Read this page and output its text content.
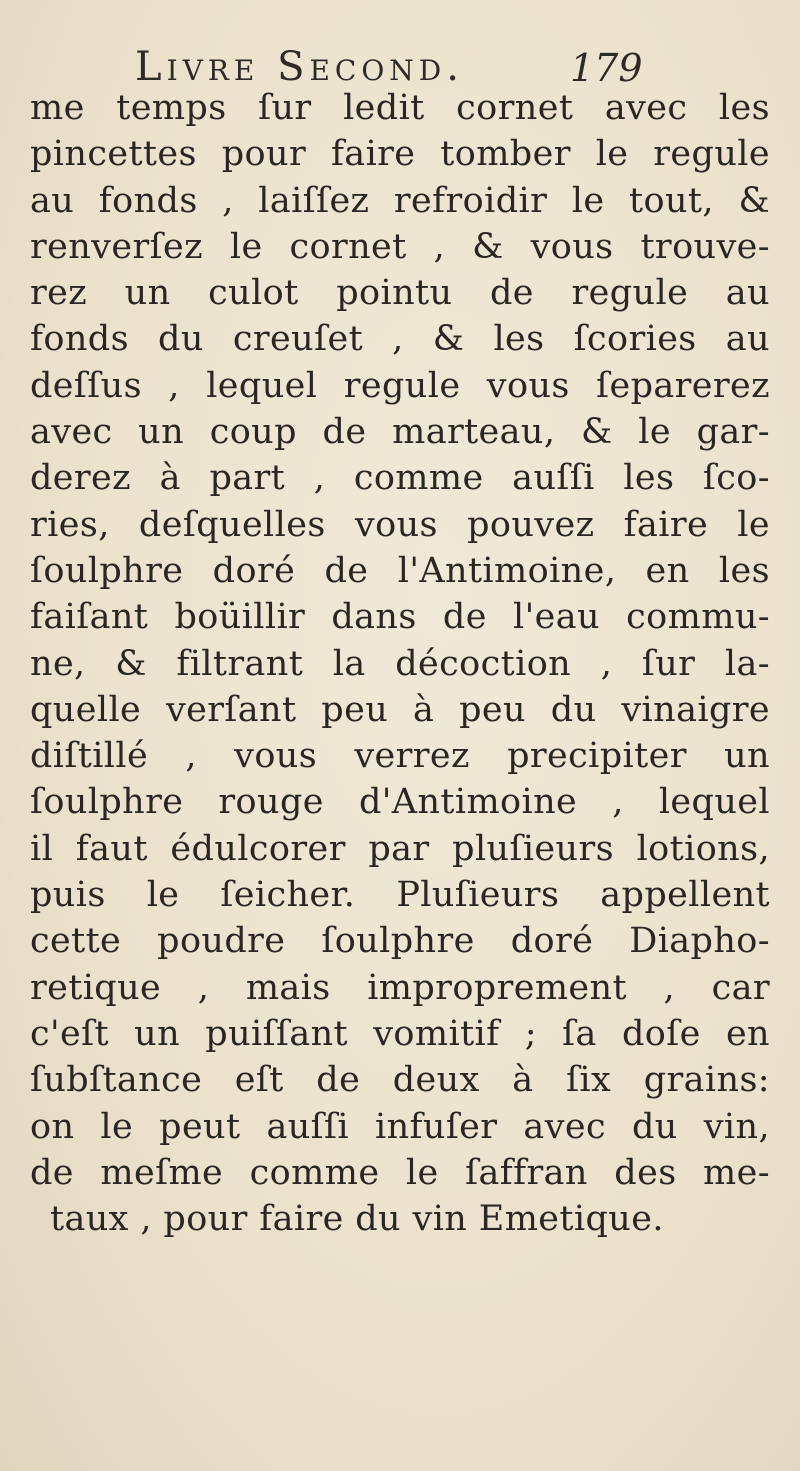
Livre Second.	179
me temps ſur ledit cornet avec les
pincettes pour faire tomber le regule
au fonds , laiſſez refroidir le tout, &
renverſez le cornet , & vous trouve-
rez un culot pointu de regule au
fonds du creuſet , & les ſcories au
deſſus , lequel regule vous ſeparerez
avec un coup de marteau, & le gar-
derez à part , comme auſſi les ſco-
ries, deſquelles vous pouvez faire le
ſoulphre doré de l'Antimoine, en les
faiſant boüillir dans de l'eau commu-
ne, & filtrant la décoction , ſur la-
quelle verſant peu à peu du vinaigre
diſtillé , vous verrez precipiter un
ſoulphre rouge d'Antimoine , lequel
il faut édulcorer par pluſieurs lotions,
puis le ſeicher. Pluſieurs appellent
cette poudre ſoulphre doré Diapho-
retique , mais improprement , car
c'eſt un puiſſant vomitif ; ſa doſe en
ſubſtance eſt de deux à ſix grains:
on le peut auſſi infuſer avec du vin,
de meſme comme le ſaffran des me-
taux , pour faire du vin Emetique.
